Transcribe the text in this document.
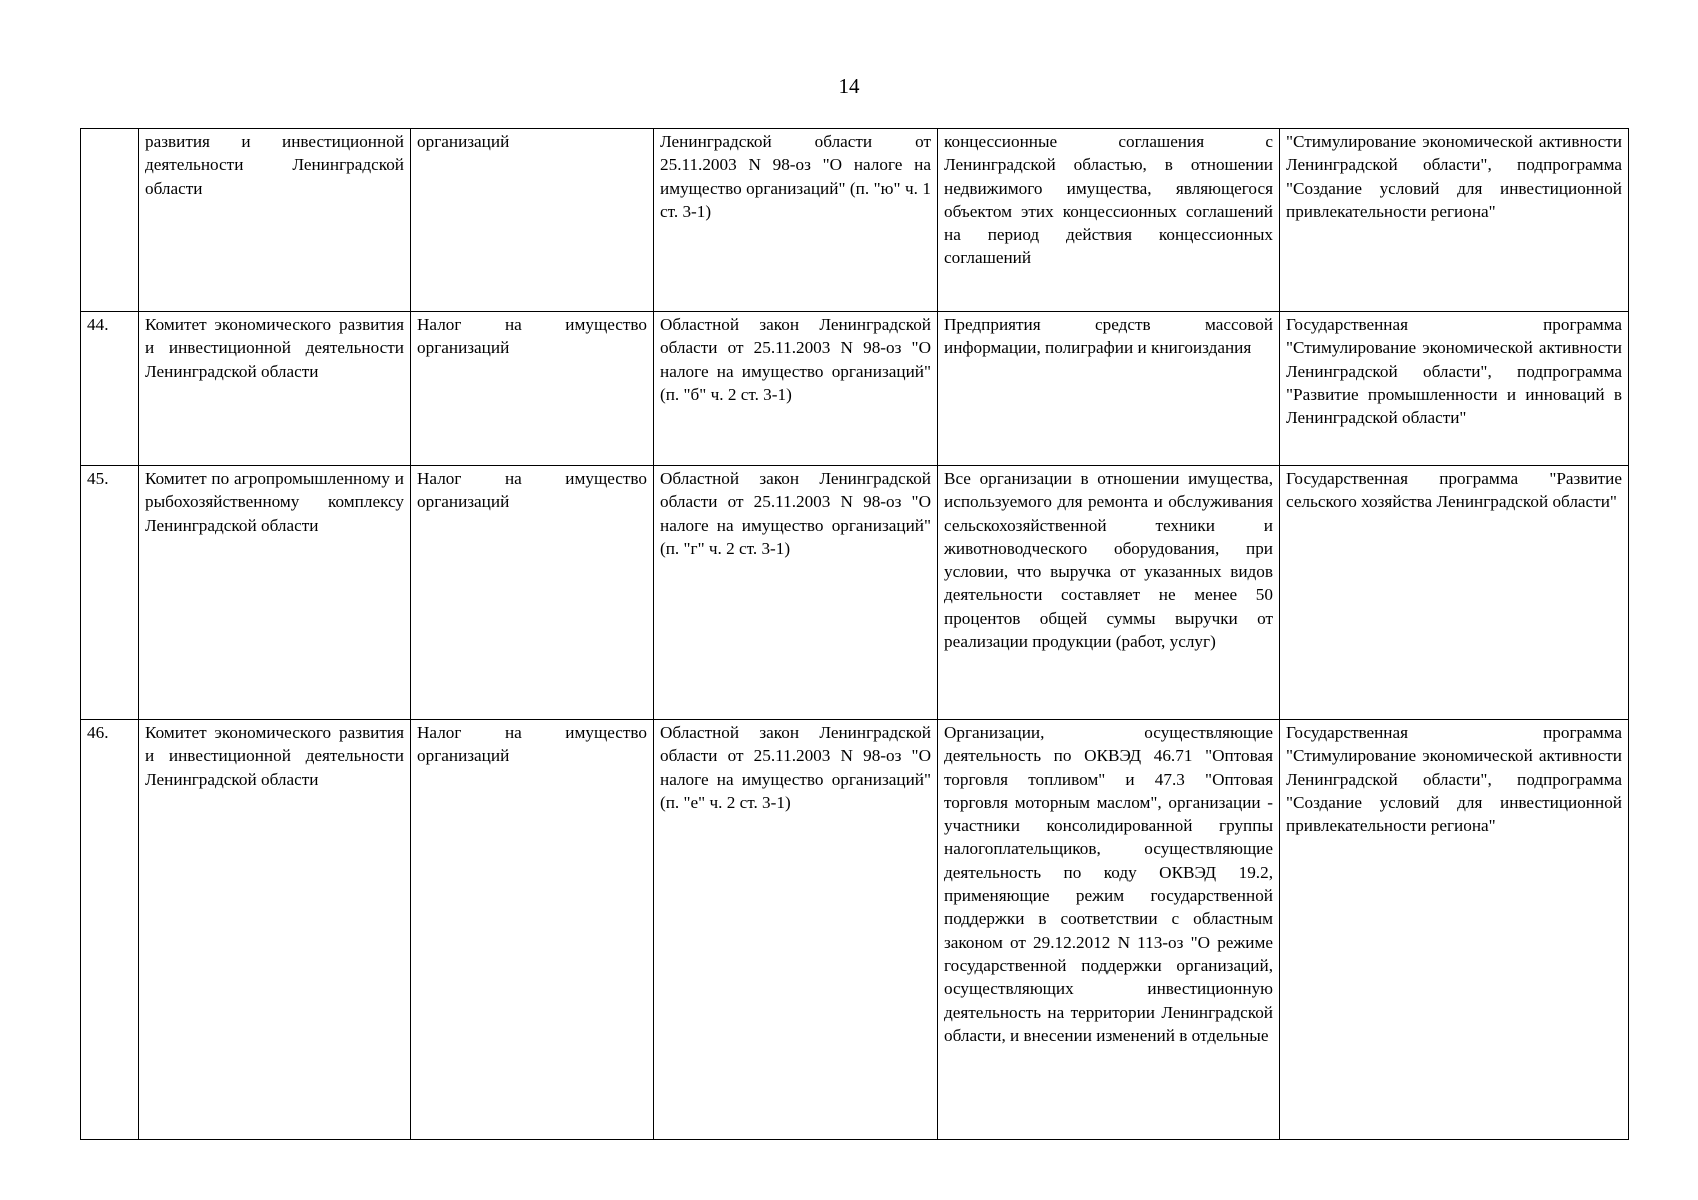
14
	развития и инвестиционной деятельности Ленинградской области	организаций	Ленинградской области от 25.11.2003 N 98-оз "О налоге на имущество организаций" (п. "ю" ч. 1 ст. 3-1)	концессионные соглашения с Ленинградской областью, в отношении недвижимого имущества, являющегося объектом этих концессионных соглашений на период действия концессионных соглашений	"Стимулирование экономической активности Ленинградской области", подпрограмма "Создание условий для инвестиционной привлекательности региона"
44.	Комитет экономического развития и инвестиционной деятельности Ленинградской области	Налог на имущество организаций	Областной закон Ленинградской области от 25.11.2003 N 98-оз "О налоге на имущество организаций" (п. "б" ч. 2 ст. 3-1)	Предприятия средств массовой информации, полиграфии и книгоиздания	Государственная программа "Стимулирование экономической активности Ленинградской области", подпрограмма "Развитие промышленности и инноваций в Ленинградской области"
45.	Комитет по агропромышленному и рыбохозяйственному комплексу Ленинградской области	Налог на имущество организаций	Областной закон Ленинградской области от 25.11.2003 N 98-оз "О налоге на имущество организаций" (п. "г" ч. 2 ст. 3-1)	Все организации в отношении имущества, используемого для ремонта и обслуживания сельскохозяйственной техники и животноводческого оборудования, при условии, что выручка от указанных видов деятельности составляет не менее 50 процентов общей суммы выручки от реализации продукции (работ, услуг)	Государственная программа "Развитие сельского хозяйства Ленинградской области"
46.	Комитет экономического развития и инвестиционной деятельности Ленинградской области	Налог на имущество организаций	Областной закон Ленинградской области от 25.11.2003 N 98-оз "О налоге на имущество организаций" (п. "е" ч. 2 ст. 3-1)	Организации, осуществляющие деятельность по ОКВЭД 46.71 "Оптовая торговля топливом" и 47.3 "Оптовая торговля моторным маслом", организации - участники консолидированной группы налогоплательщиков, осуществляющие деятельность по коду ОКВЭД 19.2, применяющие режим государственной поддержки в соответствии с областным законом от 29.12.2012 N 113-оз "О режиме государственной поддержки организаций, осуществляющих инвестиционную деятельность на территории Ленинградской области, и внесении изменений в отдельные	Государственная программа "Стимулирование экономической активности Ленинградской области", подпрограмма "Создание условий для инвестиционной привлекательности региона"
